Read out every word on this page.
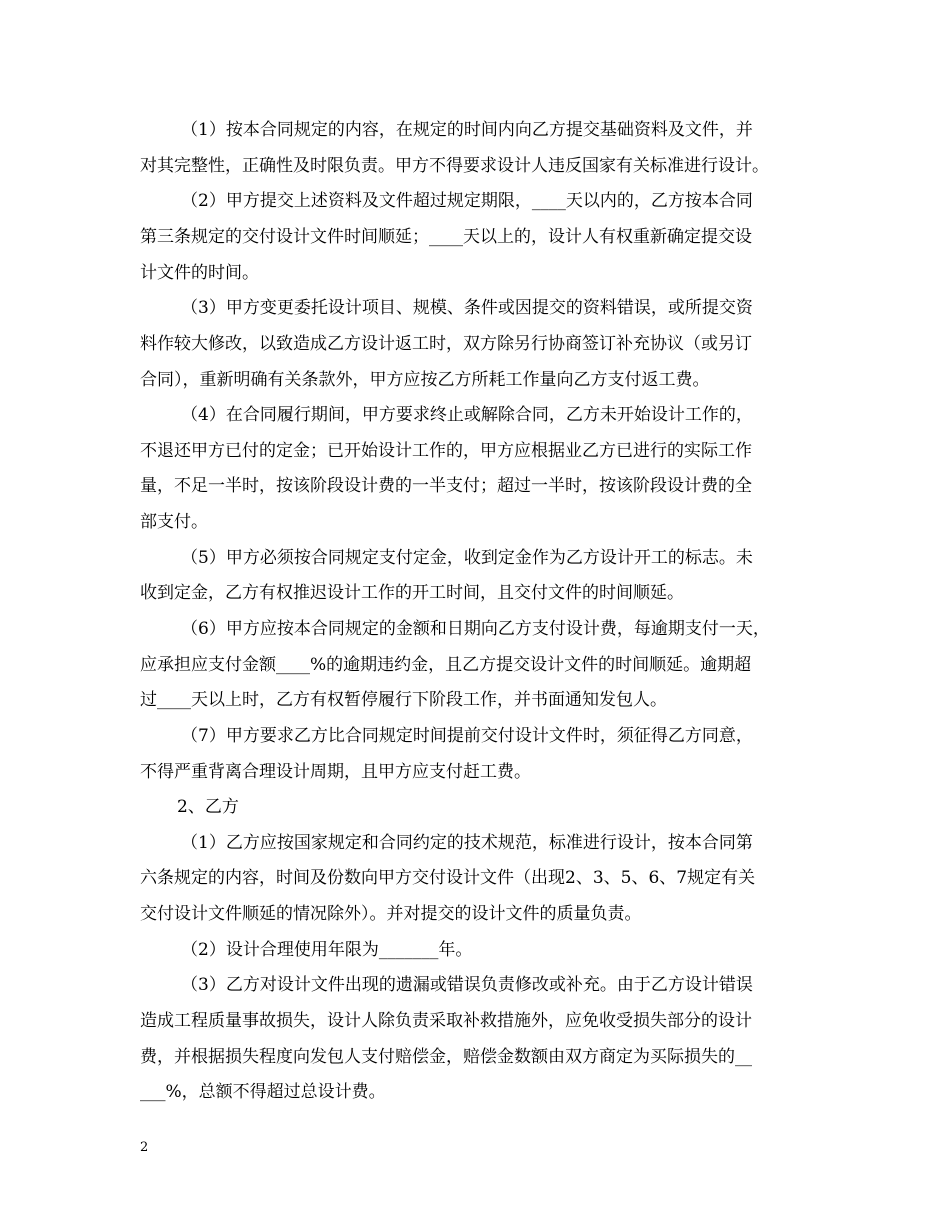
（1）按本合同规定的内容，在规定的时间内向乙方提交基础资料及文件，并
对其完整性，正确性及时限负责。甲方不得要求设计人违反国家有关标准进行设计。
（2）甲方提交上述资料及文件超过规定期限，____天以内的，乙方按本合同
第三条规定的交付设计文件时间顺延；____天以上的，设计人有权重新确定提交设
计文件的时间。
（3）甲方变更委托设计项目、规模、条件或因提交的资料错误，或所提交资
料作较大修改，以致造成乙方设计返工时，双方除另行协商签订补充协议（或另订
合同），重新明确有关条款外，甲方应按乙方所耗工作量向乙方支付返工费。
（4）在合同履行期间，甲方要求终止或解除合同，乙方未开始设计工作的，
不退还甲方已付的定金；已开始设计工作的，甲方应根据业乙方已进行的实际工作
量，不足一半时，按该阶段设计费的一半支付；超过一半时，按该阶段设计费的全
部支付。
（5）甲方必须按合同规定支付定金，收到定金作为乙方设计开工的标志。未
收到定金，乙方有权推迟设计工作的开工时间，且交付文件的时间顺延。
（6）甲方应按本合同规定的金额和日期向乙方支付设计费，每逾期支付一天，
应承担应支付金额____%的逾期违约金，且乙方提交设计文件的时间顺延。逾期超
过____天以上时，乙方有权暂停履行下阶段工作，并书面通知发包人。
（7）甲方要求乙方比合同规定时间提前交付设计文件时，须征得乙方同意，
不得严重背离合理设计周期，且甲方应支付赶工费。
2、乙方
（1）乙方应按国家规定和合同约定的技术规范，标准进行设计，按本合同第
六条规定的内容，时间及份数向甲方交付设计文件（出现2、3、5、6、7规定有关
交付设计文件顺延的情况除外）。并对提交的设计文件的质量负责。
（2）设计合理使用年限为_______年。
（3）乙方对设计文件出现的遗漏或错误负责修改或补充。由于乙方设计错误
造成工程质量事故损失，设计人除负责采取补救措施外，应免收受损失部分的设计
费，并根据损失程度向发包人支付赔偿金，赔偿金数额由双方商定为买际损失的__
___%，总额不得超过总设计费。
2
